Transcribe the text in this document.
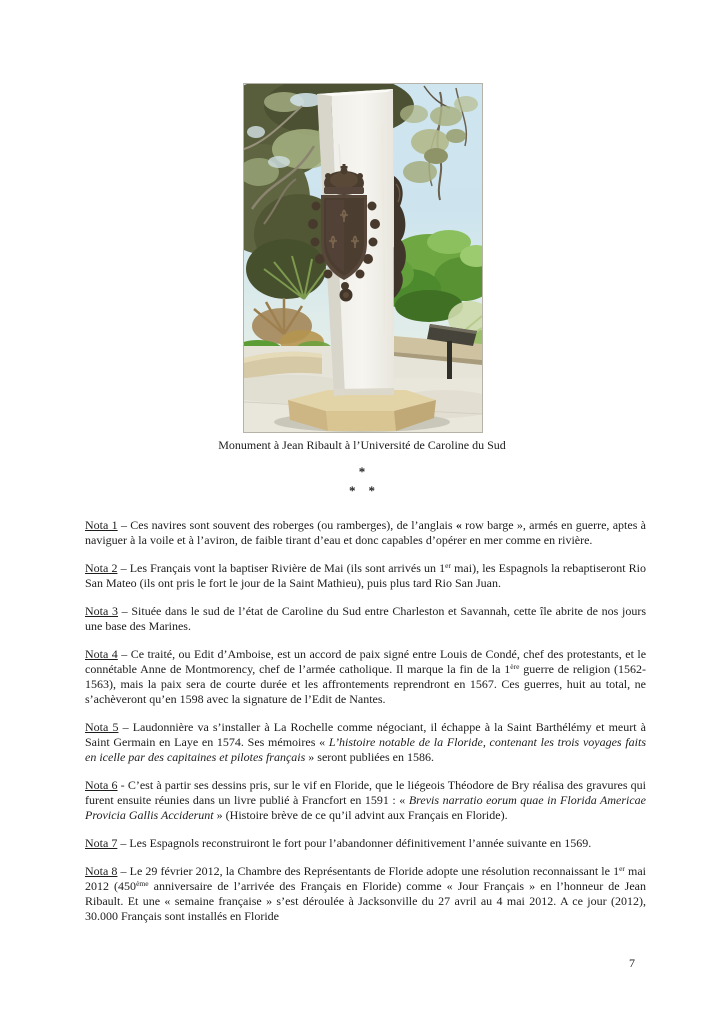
Monument à Jean Ribault à l’Université de Caroline du Sud
*
* *

Nota 1 – Ces navires sont souvent des roberges (ou ramberges), de l’anglais « row barge », armés en guerre, aptes à naviguer à la voile et à l’aviron, de faible tirant d’eau et donc capables d’opérer en mer comme en rivière.

Nota 2 – Les Français vont la baptiser Rivière de Mai (ils sont arrivés un 1er mai), les Espagnols la rebaptiseront Rio San Mateo (ils ont pris le fort le jour de la Saint Mathieu), puis plus tard Rio San Juan.

Nota 3 – Située dans le sud de l’état de Caroline du Sud entre Charleston et Savannah, cette île abrite de nos jours une base des Marines.

Nota 4 – Ce traité, ou Edit d’Amboise, est un accord de paix signé entre Louis de Condé, chef des protestants, et le connétable Anne de Montmorency, chef de l’armée catholique. Il marque la fin de la 1ère guerre de religion (1562-1563), mais la paix sera de courte durée et les affrontements reprendront en 1567. Ces guerres, huit au total, ne s’achèveront qu’en 1598 avec la signature de l’Edit de Nantes.

Nota 5 – Laudonnière va s’installer à La Rochelle comme négociant, il échappe à la Saint Barthélémy et meurt à Saint Germain en Laye en 1574. Ses mémoires « L’histoire notable de la Floride, contenant les trois voyages faits en icelle par des capitaines et pilotes français » seront publiées en 1586.

Nota 6 - C’est à partir ses dessins pris, sur le vif en Floride, que le liégeois Théodore de Bry réalisa des gravures qui furent ensuite réunies dans un livre publié à Francfort en 1591 : « Brevis narratio eorum quae in Florida Americae Provicia Gallis Acciderunt » (Histoire brève de ce qu’il advint aux Français en Floride).

Nota 7 – Les Espagnols reconstruiront le fort pour l’abandonner définitivement l’année suivante en 1569.

Nota 8 – Le 29 février 2012, la Chambre des Représentants de Floride adopte une résolution reconnaissant le 1er mai 2012 (450ème anniversaire de l’arrivée des Français en Floride) comme « Jour Français » en l’honneur de Jean Ribault. Et une « semaine française » s’est déroulée à Jacksonville du 27 avril au 4 mai 2012. A ce jour (2012), 30.000 Français sont installés en Floride

7
